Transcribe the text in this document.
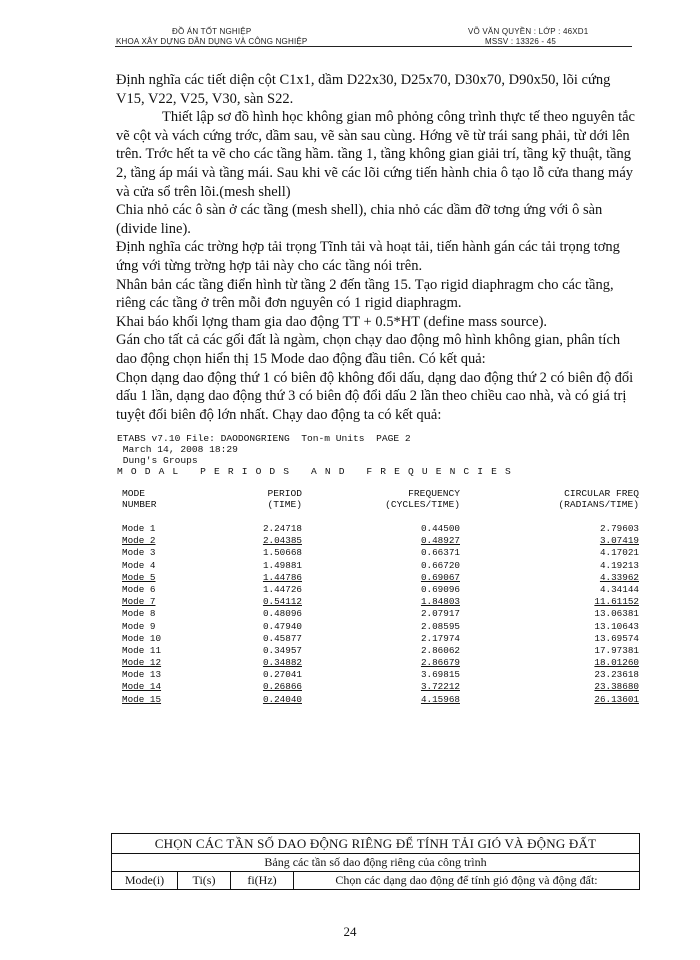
ĐỒ ÁN TỐT NGHIỆP
KHOA XÂY DỰNG DÂN DỤNG VÀ CÔNG NGHIỆP
VÕ VĂN QUYỀN : LỚP : 46XD1
MSSV : 13326 - 45

Định nghĩa các tiết diện cột C1x1, dầm D22x30, D25x70, D30x70, D90x50, lõi cứng V15, V22, V25, V30, sàn S22.

Thiết lập sơ đồ hình học không gian mô phỏng công trình thực tế theo nguyên tắc vẽ cột và vách cứng trớc, dầm sau, vẽ sàn sau cùng. Hớng vẽ từ trái sang phải, từ dới lên trên. Trớc hết ta vẽ cho các tầng hầm. tầng 1, tầng không gian giải trí, tầng kỹ thuật, tầng 2, tầng áp mái và tầng mái. Sau khi vẽ các lõi cứng tiến hành chia ô tạo lỗ cửa thang máy và cửa sổ trên lõi.(mesh shell)

Chia nhỏ các ô sàn ở các tầng (mesh shell), chia nhỏ các dầm đỡ tơng ứng với ô sàn (divide line).

Định nghĩa các trờng hợp tải trọng Tĩnh tải và hoạt tải, tiến hành gán các tải trọng tơng ứng với từng trờng hợp tải này cho các tầng nói trên.

Nhân bản các tầng điển hình từ tầng 2 đến tầng 15. Tạo rigid diaphragm cho các tầng, riêng các tầng ở trên mỗi đơn nguyên có 1 rigid diaphragm.

Khai báo khối lợng tham gia dao động TT + 0.5*HT (define mass source).

Gán cho tất cả các gối đất là ngàm, chọn chạy dao động mô hình không gian, phân tích dao động chọn hiển thị 15 Mode dao động đầu tiên. Có kết quả:

Chọn dạng dao động thứ 1 có biên độ không đổi dấu, dạng dao động thứ 2 có biên độ đổi dấu 1 lần, dạng dao động thứ 3 có biên độ đổi dấu 2 lần theo chiều cao nhà, và có giá trị tuyệt đối biên độ lớn nhất. Chạy dao động ta có kết quả:

ETABS v7.10 File: DAODONGRIENG  Ton-m Units  PAGE 2
March 14, 2008 18:29
Dung's Groups
MODAL PERIODS AND FREQUENCIES
MODE	PERIOD	FREQUENCY	CIRCULAR FREQ
NUMBER	(TIME)	(CYCLES/TIME)	(RADIANS/TIME)
Mode 1	2.24718	0.44500	2.79603
Mode 2	2.04385	0.48927	3.07419
Mode 3	1.50668	0.66371	4.17021
Mode 4	1.49881	0.66720	4.19213
Mode 5	1.44786	0.69067	4.33962
Mode 6	1.44726	0.69096	4.34144
Mode 7	0.54112	1.84803	11.61152
Mode 8	0.48096	2.07917	13.06381
Mode 9	0.47940	2.08595	13.10643
Mode 10	0.45877	2.17974	13.69574
Mode 11	0.34957	2.86062	17.97381
Mode 12	0.34882	2.86679	18.01260
Mode 13	0.27041	3.69815	23.23618
Mode 14	0.26866	3.72212	23.38680
Mode 15	0.24040	4.15968	26.13601
CHỌN CÁC TẦN SỐ DAO ĐỘNG RIÊNG ĐỂ TÍNH TẢI GIÓ VÀ ĐỘNG ĐẤT
Bảng các tần số dao động riêng của công trình
Mode(i)	Ti(s)	fi(Hz)	Chọn các dạng dao động để tính gió động và động đất:
24
